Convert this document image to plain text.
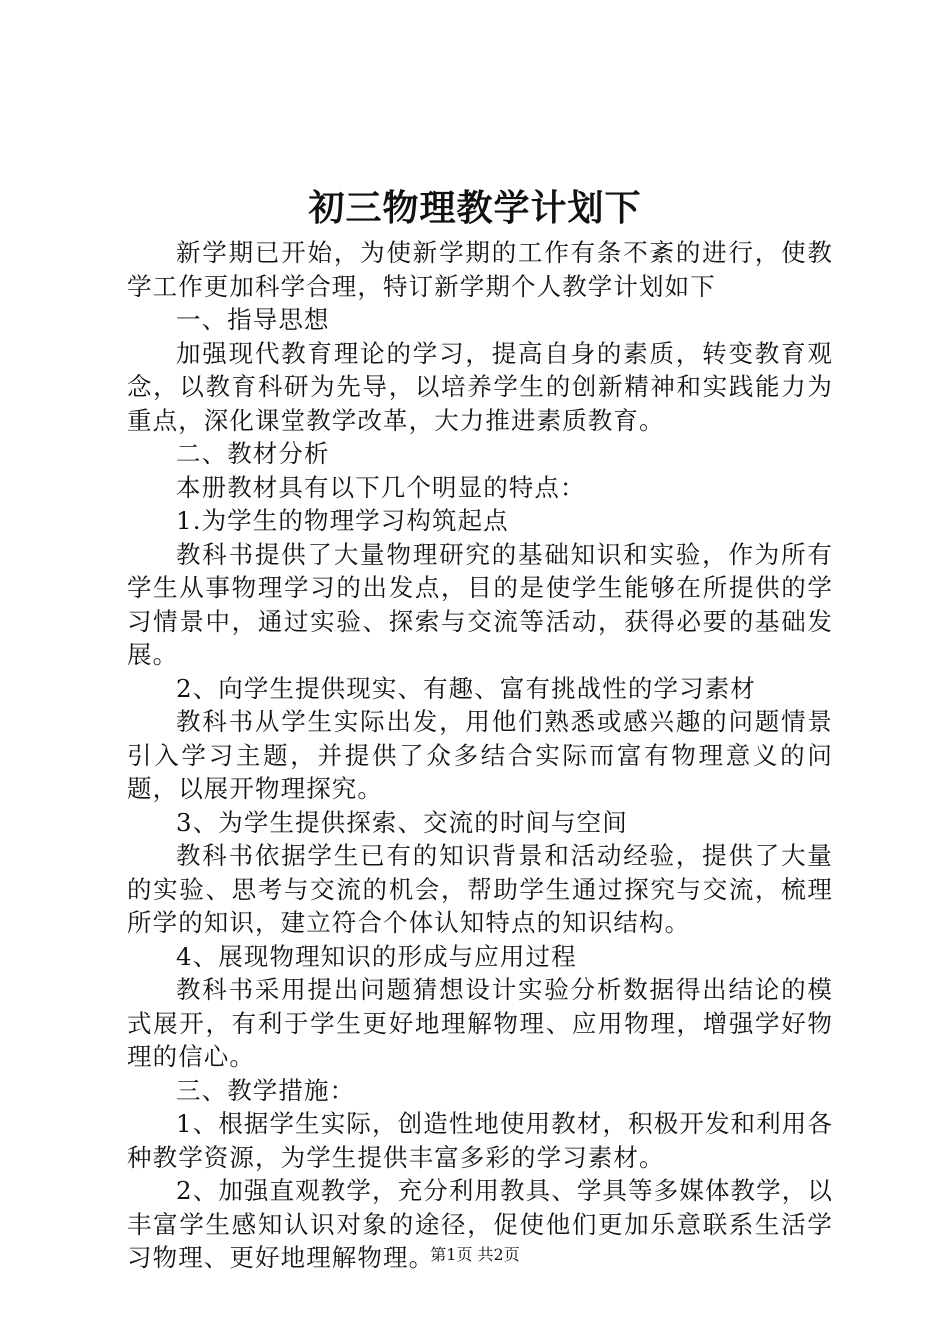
初三物理教学计划下

新学期已开始，为使新学期的工作有条不紊的进行，使教学工作更加科学合理，特订新学期个人教学计划如下

一、指导思想

加强现代教育理论的学习，提高自身的素质，转变教育观念，以教育科研为先导，以培养学生的创新精神和实践能力为重点，深化课堂教学改革，大力推进素质教育。

二、教材分析

本册教材具有以下几个明显的特点：

1.为学生的物理学习构筑起点

教科书提供了大量物理研究的基础知识和实验，作为所有学生从事物理学习的出发点，目的是使学生能够在所提供的学习情景中，通过实验、探索与交流等活动，获得必要的基础发展。

2、向学生提供现实、有趣、富有挑战性的学习素材

教科书从学生实际出发，用他们熟悉或感兴趣的问题情景引入学习主题，并提供了众多结合实际而富有物理意义的问题，以展开物理探究。

3、为学生提供探索、交流的时间与空间

教科书依据学生已有的知识背景和活动经验，提供了大量的实验、思考与交流的机会，帮助学生通过探究与交流，梳理所学的知识，建立符合个体认知特点的知识结构。

4、展现物理知识的形成与应用过程

教科书采用提出问题猜想设计实验分析数据得出结论的模式展开，有利于学生更好地理解物理、应用物理，增强学好物理的信心。

三、教学措施：

1、根据学生实际，创造性地使用教材，积极开发和利用各种教学资源，为学生提供丰富多彩的学习素材。

2、加强直观教学，充分利用教具、学具等多媒体教学，以丰富学生感知认识对象的途径，促使他们更加乐意联系生活学习物理、更好地理解物理。

第1页 共2页
